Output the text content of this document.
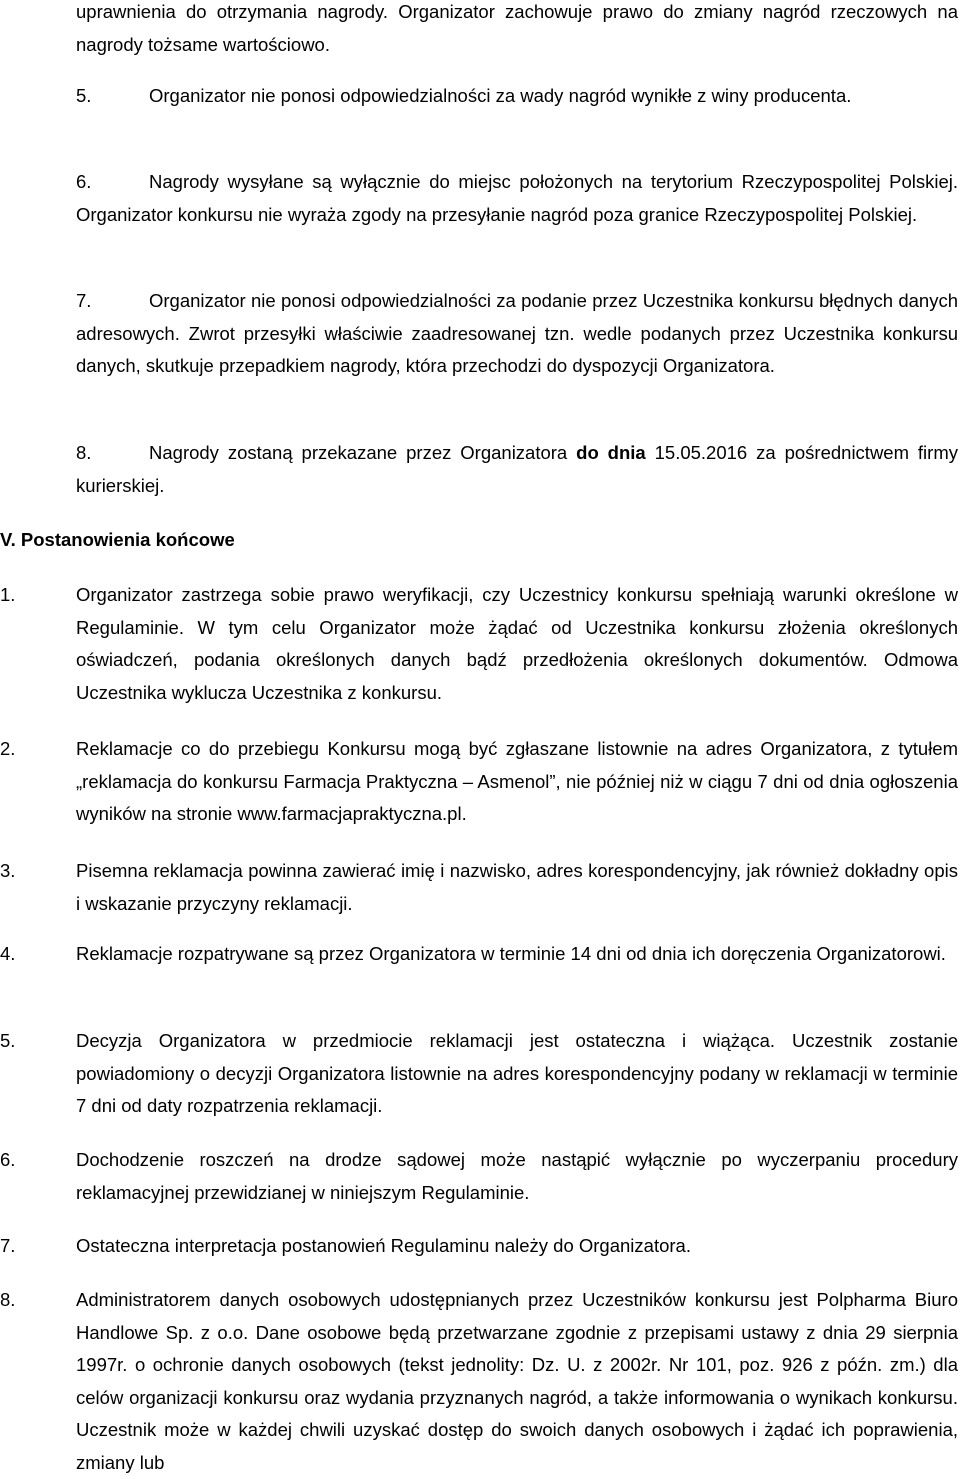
uprawnienia do otrzymania nagrody. Organizator zachowuje prawo do zmiany nagród rzeczowych na nagrody tożsame wartościowo.

5.	Organizator nie ponosi odpowiedzialności za wady nagród wynikłe z winy producenta.

6.	Nagrody wysyłane są wyłącznie do miejsc położonych na terytorium Rzeczypospolitej Polskiej. Organizator konkursu nie wyraża zgody na przesyłanie nagród poza granice Rzeczypospolitej Polskiej.

7.	Organizator nie ponosi odpowiedzialności za podanie przez Uczestnika konkursu błędnych danych adresowych. Zwrot przesyłki właściwie zaadresowanej tzn. wedle podanych przez Uczestnika konkursu danych, skutkuje przepadkiem nagrody, która przechodzi do dyspozycji Organizatora.

8.	Nagrody zostaną przekazane przez Organizatora do dnia 15.05.2016 za pośrednictwem firmy kurierskiej.

V. Postanowienia końcowe
1.	Organizator zastrzega sobie prawo weryfikacji, czy Uczestnicy konkursu spełniają warunki określone w Regulaminie. W tym celu Organizator może żądać od Uczestnika konkursu złożenia określonych oświadczeń, podania określonych danych bądź przedłożenia określonych dokumentów. Odmowa Uczestnika wyklucza Uczestnika z konkursu.

2.	Reklamacje co do przebiegu Konkursu mogą być zgłaszane listownie na adres Organizatora, z tytułem „reklamacja do konkursu Farmacja Praktyczna – Asmenol”, nie później niż w ciągu 7 dni od dnia ogłoszenia wyników na stronie www.farmacjapraktyczna.pl.

3.	Pisemna reklamacja powinna zawierać imię i nazwisko, adres korespondencyjny, jak również dokładny opis i wskazanie przyczyny reklamacji.

4.	Reklamacje rozpatrywane są przez Organizatora w terminie 14 dni od dnia ich doręczenia Organizatorowi.

5.	Decyzja Organizatora w przedmiocie reklamacji jest ostateczna i wiążąca. Uczestnik zostanie powiadomiony o decyzji Organizatora listownie na adres korespondencyjny podany w reklamacji w terminie 7 dni od daty rozpatrzenia reklamacji.

6.	Dochodzenie roszczeń na drodze sądowej może nastąpić wyłącznie po wyczerpaniu procedury reklamacyjnej przewidzianej w niniejszym Regulaminie.

7.	Ostateczna interpretacja postanowień Regulaminu należy do Organizatora.

8.	Administratorem danych osobowych udostępnianych przez Uczestników konkursu jest Polpharma Biuro Handlowe Sp. z o.o. Dane osobowe będą przetwarzane zgodnie z przepisami ustawy z dnia 29 sierpnia 1997r. o ochronie danych osobowych (tekst jednolity: Dz. U. z 2002r. Nr 101, poz. 926 z późn. zm.) dla celów organizacji konkursu oraz wydania przyznanych nagród, a także informowania o wynikach konkursu. Uczestnik może w każdej chwili uzyskać dostęp do swoich danych osobowych i żądać ich poprawienia, zmiany lub
